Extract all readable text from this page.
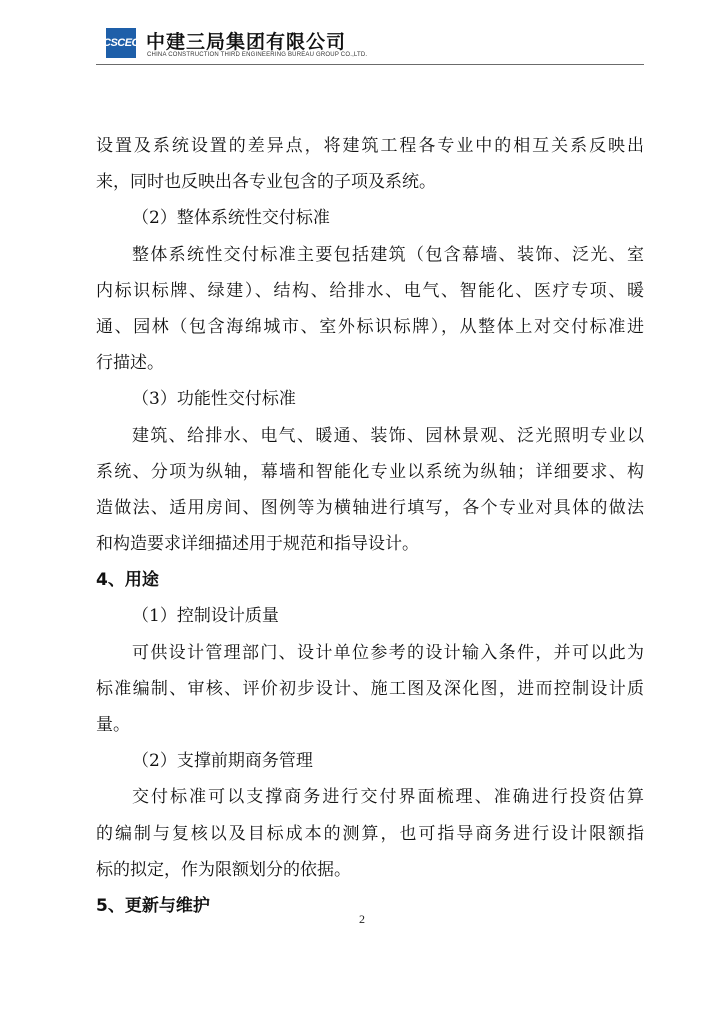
CSCEC 中建三局集团有限公司
CHINA CONSTRUCTION THIRD ENGINEERING BUREAU GROUP CO.,LTD.
设置及系统设置的差异点，将建筑工程各专业中的相互关系反映出
来，同时也反映出各专业包含的子项及系统。
（2）整体系统性交付标准
整体系统性交付标准主要包括建筑（包含幕墙、装饰、泛光、室
内标识标牌、绿建）、结构、给排水、电气、智能化、医疗专项、暖
通、园林（包含海绵城市、室外标识标牌），从整体上对交付标准进
行描述。
（3）功能性交付标准
建筑、给排水、电气、暖通、装饰、园林景观、泛光照明专业以
系统、分项为纵轴，幕墙和智能化专业以系统为纵轴；详细要求、构
造做法、适用房间、图例等为横轴进行填写，各个专业对具体的做法
和构造要求详细描述用于规范和指导设计。
4、用途
（1）控制设计质量
可供设计管理部门、设计单位参考的设计输入条件，并可以此为
标准编制、审核、评价初步设计、施工图及深化图，进而控制设计质
量。
（2）支撑前期商务管理
交付标准可以支撑商务进行交付界面梳理、准确进行投资估算
的编制与复核以及目标成本的测算，也可指导商务进行设计限额指
标的拟定，作为限额划分的依据。
5、更新与维护
2
